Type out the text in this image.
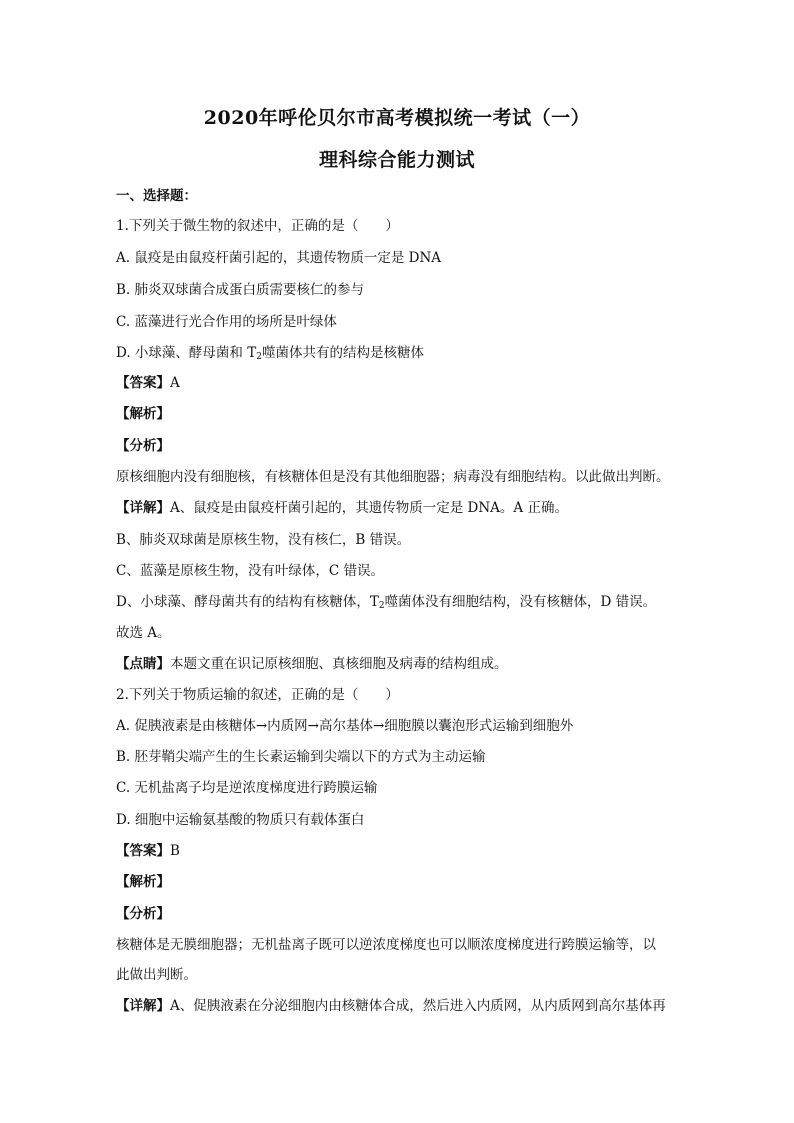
2020年呼伦贝尔市高考模拟统一考试（一）
理科综合能力测试
一、选择题：
1.下列关于微生物的叙述中，正确的是（　　）
A. 鼠疫是由鼠疫杆菌引起的，其遗传物质一定是 DNA
B. 肺炎双球菌合成蛋白质需要核仁的参与
C. 蓝藻进行光合作用的场所是叶绿体
D. 小球藻、酵母菌和 $T_2$噬菌体共有的结构是核糖体
【答案】A
【解析】
【分析】
原核细胞内没有细胞核，有核糖体但是没有其他细胞器；病毒没有细胞结构。以此做出判断。
【详解】A、鼠疫是由鼠疫杆菌引起的，其遗传物质一定是 DNA。A 正确。
B、肺炎双球菌是原核生物，没有核仁，B 错误。
C、蓝藻是原核生物，没有叶绿体，C 错误。
D、小球藻、酵母菌共有的结构有核糖体，$T_2$噬菌体没有细胞结构，没有核糖体，D 错误。
故选 A。
【点睛】本题文重在识记原核细胞、真核细胞及病毒的结构组成。
2.下列关于物质运输的叙述，正确的是（　　）
A. 促胰液素是由核糖体→内质网→高尔基体→细胞膜以囊泡形式运输到细胞外
B. 胚芽鞘尖端产生的生长素运输到尖端以下的方式为主动运输
C. 无机盐离子均是逆浓度梯度进行跨膜运输
D. 细胞中运输氨基酸的物质只有载体蛋白
【答案】B
【解析】
【分析】
核糖体是无膜细胞器；无机盐离子既可以逆浓度梯度也可以顺浓度梯度进行跨膜运输等，以
此做出判断。
【详解】A、促胰液素在分泌细胞内由核糖体合成，然后进入内质网，从内质网到高尔基体再
